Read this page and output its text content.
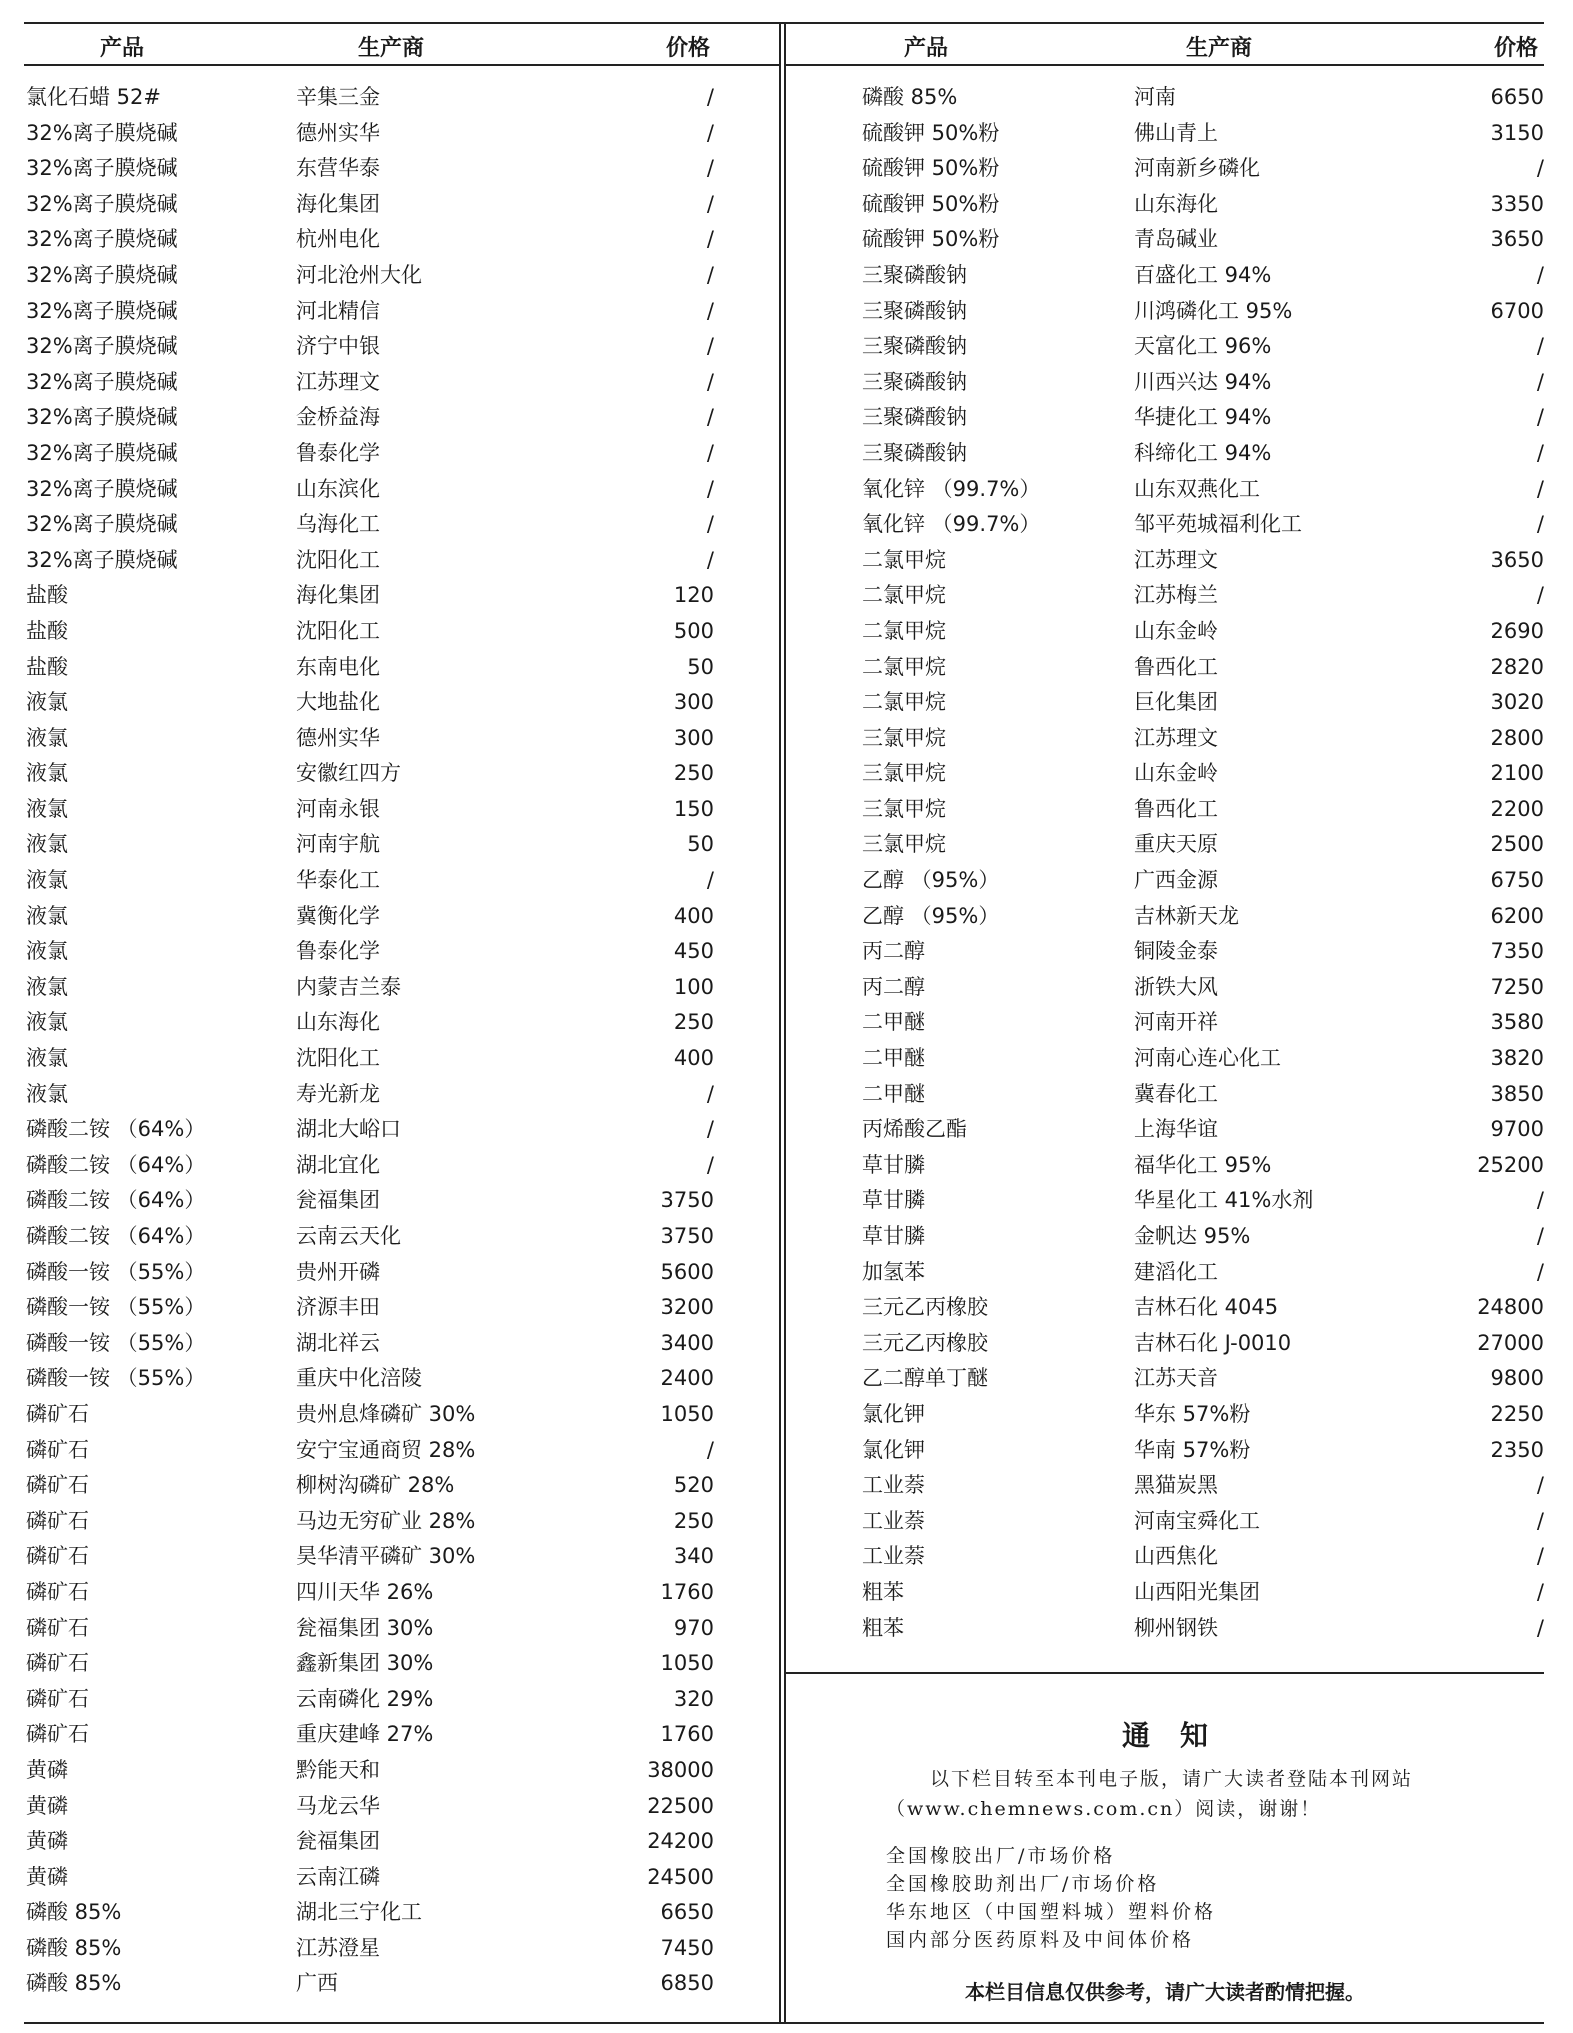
产品	生产商	价格
氯化石蜡 52#	辛集三金	/
32%离子膜烧碱	德州实华	/
32%离子膜烧碱	东营华泰	/
32%离子膜烧碱	海化集团	/
32%离子膜烧碱	杭州电化	/
32%离子膜烧碱	河北沧州大化	/
32%离子膜烧碱	河北精信	/
32%离子膜烧碱	济宁中银	/
32%离子膜烧碱	江苏理文	/
32%离子膜烧碱	金桥益海	/
32%离子膜烧碱	鲁泰化学	/
32%离子膜烧碱	山东滨化	/
32%离子膜烧碱	乌海化工	/
32%离子膜烧碱	沈阳化工	/
盐酸	海化集团	120
盐酸	沈阳化工	500
盐酸	东南电化	50
液氯	大地盐化	300
液氯	德州实华	300
液氯	安徽红四方	250
液氯	河南永银	150
液氯	河南宇航	50
液氯	华泰化工	/
液氯	冀衡化学	400
液氯	鲁泰化学	450
液氯	内蒙吉兰泰	100
液氯	山东海化	250
液氯	沈阳化工	400
液氯	寿光新龙	/
磷酸二铵 （64%）	湖北大峪口	/
磷酸二铵 （64%）	湖北宜化	/
磷酸二铵 （64%）	瓮福集团	3750
磷酸二铵 （64%）	云南云天化	3750
磷酸一铵 （55%）	贵州开磷	5600
磷酸一铵 （55%）	济源丰田	3200
磷酸一铵 （55%）	湖北祥云	3400
磷酸一铵 （55%）	重庆中化涪陵	2400
磷矿石	贵州息烽磷矿 30%	1050
磷矿石	安宁宝通商贸 28%	/
磷矿石	柳树沟磷矿 28%	520
磷矿石	马边无穷矿业 28%	250
磷矿石	昊华清平磷矿 30%	340
磷矿石	四川天华 26%	1760
磷矿石	瓮福集团 30%	970
磷矿石	鑫新集团 30%	1050
磷矿石	云南磷化 29%	320
磷矿石	重庆建峰 27%	1760
黄磷	黔能天和	38000
黄磷	马龙云华	22500
黄磷	瓮福集团	24200
黄磷	云南江磷	24500
磷酸 85%	湖北三宁化工	6650
磷酸 85%	江苏澄星	7450
磷酸 85%	广西	6850
产品	生产商	价格
磷酸 85%	河南	6650
硫酸钾 50%粉	佛山青上	3150
硫酸钾 50%粉	河南新乡磷化	/
硫酸钾 50%粉	山东海化	3350
硫酸钾 50%粉	青岛碱业	3650
三聚磷酸钠	百盛化工 94%	/
三聚磷酸钠	川鸿磷化工 95%	6700
三聚磷酸钠	天富化工 96%	/
三聚磷酸钠	川西兴达 94%	/
三聚磷酸钠	华捷化工 94%	/
三聚磷酸钠	科缔化工 94%	/
氧化锌 （99.7%）	山东双燕化工	/
氧化锌 （99.7%）	邹平苑城福利化工	/
二氯甲烷	江苏理文	3650
二氯甲烷	江苏梅兰	/
二氯甲烷	山东金岭	2690
二氯甲烷	鲁西化工	2820
二氯甲烷	巨化集团	3020
三氯甲烷	江苏理文	2800
三氯甲烷	山东金岭	2100
三氯甲烷	鲁西化工	2200
三氯甲烷	重庆天原	2500
乙醇 （95%）	广西金源	6750
乙醇 （95%）	吉林新天龙	6200
丙二醇	铜陵金泰	7350
丙二醇	浙铁大风	7250
二甲醚	河南开祥	3580
二甲醚	河南心连心化工	3820
二甲醚	冀春化工	3850
丙烯酸乙酯	上海华谊	9700
草甘膦	福华化工 95%	25200
草甘膦	华星化工 41%水剂	/
草甘膦	金帆达 95%	/
加氢苯	建滔化工	/
三元乙丙橡胶	吉林石化 4045	24800
三元乙丙橡胶	吉林石化 J-0010	27000
乙二醇单丁醚	江苏天音	9800
氯化钾	华东 57%粉	2250
氯化钾	华南 57%粉	2350
工业萘	黑猫炭黑	/
工业萘	河南宝舜化工	/
工业萘	山西焦化	/
粗苯	山西阳光集团	/
粗苯	柳州钢铁	/
通知
以下栏目转至本刊电子版，请广大读者登陆本刊网站（www.chemnews.com.cn）阅读，谢谢！
全国橡胶出厂/市场价格
全国橡胶助剂出厂/市场价格
华东地区（中国塑料城）塑料价格
国内部分医药原料及中间体价格
本栏目信息仅供参考，请广大读者酌情把握。
